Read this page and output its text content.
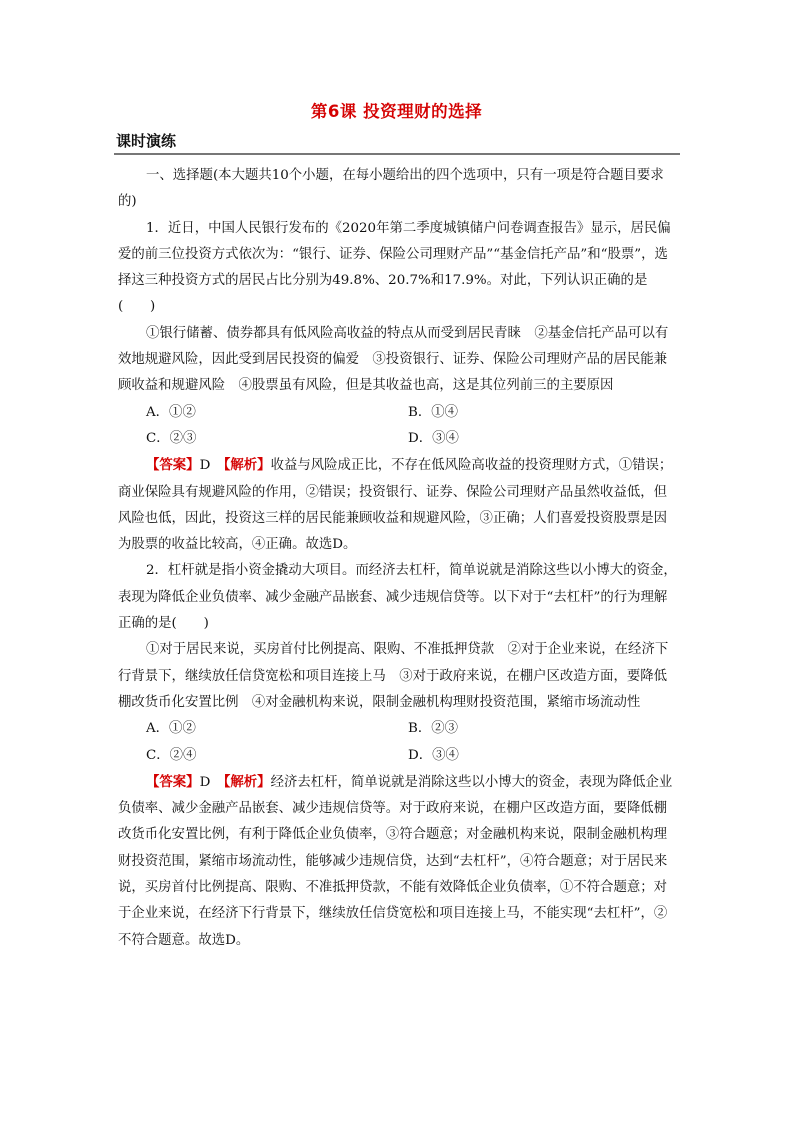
第6课 投资理财的选择
课时演练

一、选择题(本大题共10个小题，在每小题给出的四个选项中，只有一项是符合题目要求的)

1．近日，中国人民银行发布的《2020年第二季度城镇储户问卷调查报告》显示，居民偏爱的前三位投资方式依次为：“银行、证券、保险公司理财产品”“基金信托产品”和“股票”，选择这三种投资方式的居民占比分别为49.8%、20.7%和17.9%。对此，下列认识正确的是(　　)

①银行储蓄、债券都具有低风险高收益的特点从而受到居民青睐　②基金信托产品可以有效地规避风险，因此受到居民投资的偏爱　③投资银行、证券、保险公司理财产品的居民能兼顾收益和规避风险　④股票虽有风险，但是其收益也高，这是其位列前三的主要原因

A．①②	B．①④
C．②③	D．③④

【答案】D　 【解析】收益与风险成正比，不存在低风险高收益的投资理财方式，①错误；商业保险具有规避风险的作用，②错误；投资银行、证券、保险公司理财产品虽然收益低，但风险也低，因此，投资这三样的居民能兼顾收益和规避风险，③正确；人们喜爱投资股票是因为股票的收益比较高，④正确。故选D。

2．杠杆就是指小资金撬动大项目。而经济去杠杆，简单说就是消除这些以小博大的资金，表现为降低企业负债率、减少金融产品嵌套、减少违规信贷等。以下对于“去杠杆”的行为理解正确的是(　　)

①对于居民来说，买房首付比例提高、限购、不准抵押贷款　②对于企业来说，在经济下行背景下，继续放任信贷宽松和项目连接上马　③对于政府来说，在棚户区改造方面，要降低棚改货币化安置比例　④对金融机构来说，限制金融机构理财投资范围，紧缩市场流动性

A．①②	B．②③
C．②④	D．③④

【答案】D　 【解析】经济去杠杆，简单说就是消除这些以小博大的资金，表现为降低企业负债率、减少金融产品嵌套、减少违规信贷等。对于政府来说，在棚户区改造方面，要降低棚改货币化安置比例，有利于降低企业负债率，③符合题意；对金融机构来说，限制金融机构理财投资范围，紧缩市场流动性，能够减少违规信贷，达到“去杠杆”，④符合题意；对于居民来说，买房首付比例提高、限购、不准抵押贷款，不能有效降低企业负债率，①不符合题意；对于企业来说，在经济下行背景下，继续放任信贷宽松和项目连接上马，不能实现“去杠杆”，②不符合题意。故选D。
